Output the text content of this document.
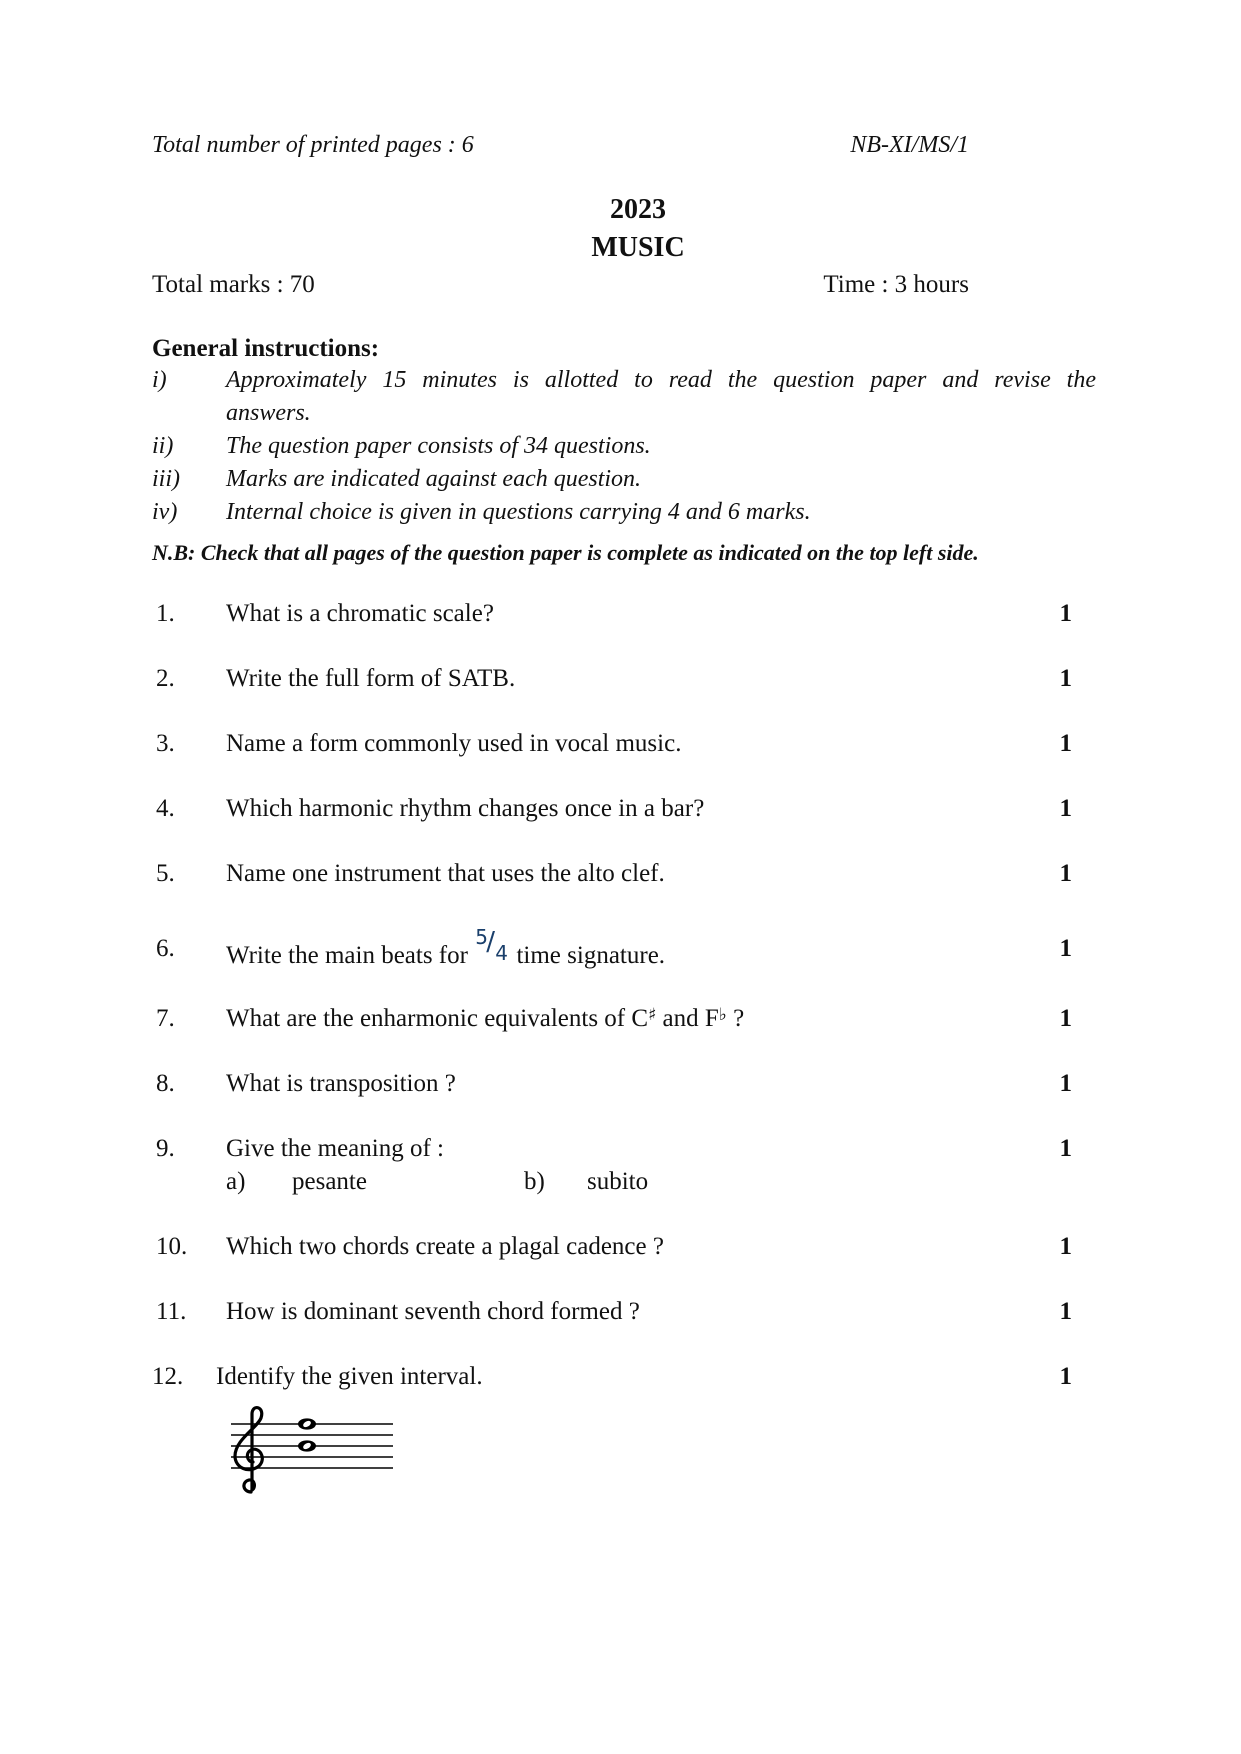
Total number of printed pages : 6	NB-XI/MS/1
2023
MUSIC
Total marks : 70	Time : 3 hours
General instructions:
i) Approximately 15 minutes is allotted to read the question paper and revise the
answers.
ii) The question paper consists of 34 questions.
iii) Marks are indicated against each question.
iv) Internal choice is given in questions carrying 4 and 6 marks.
N.B: Check that all pages of the question paper is complete as indicated on the top left side.
1. What is a chromatic scale?	1
2. Write the full form of SATB.	1
3. Name a form commonly used in vocal music.	1
4. Which harmonic rhythm changes once in a bar?	1
5. Name one instrument that uses the alto clef.	1
6. Write the main beats for
5
/ 4 time signature.	1
7. What are the enharmonic equivalents of C♯ and F♭ ?	1
8. What is transposition ?	1
9. Give the meaning of :	1
a) pesante	b) subito
10. Which two chords create a plagal cadence ?	1
11. How is dominant seventh chord formed ?	1
12. Identify the given interval.	1
